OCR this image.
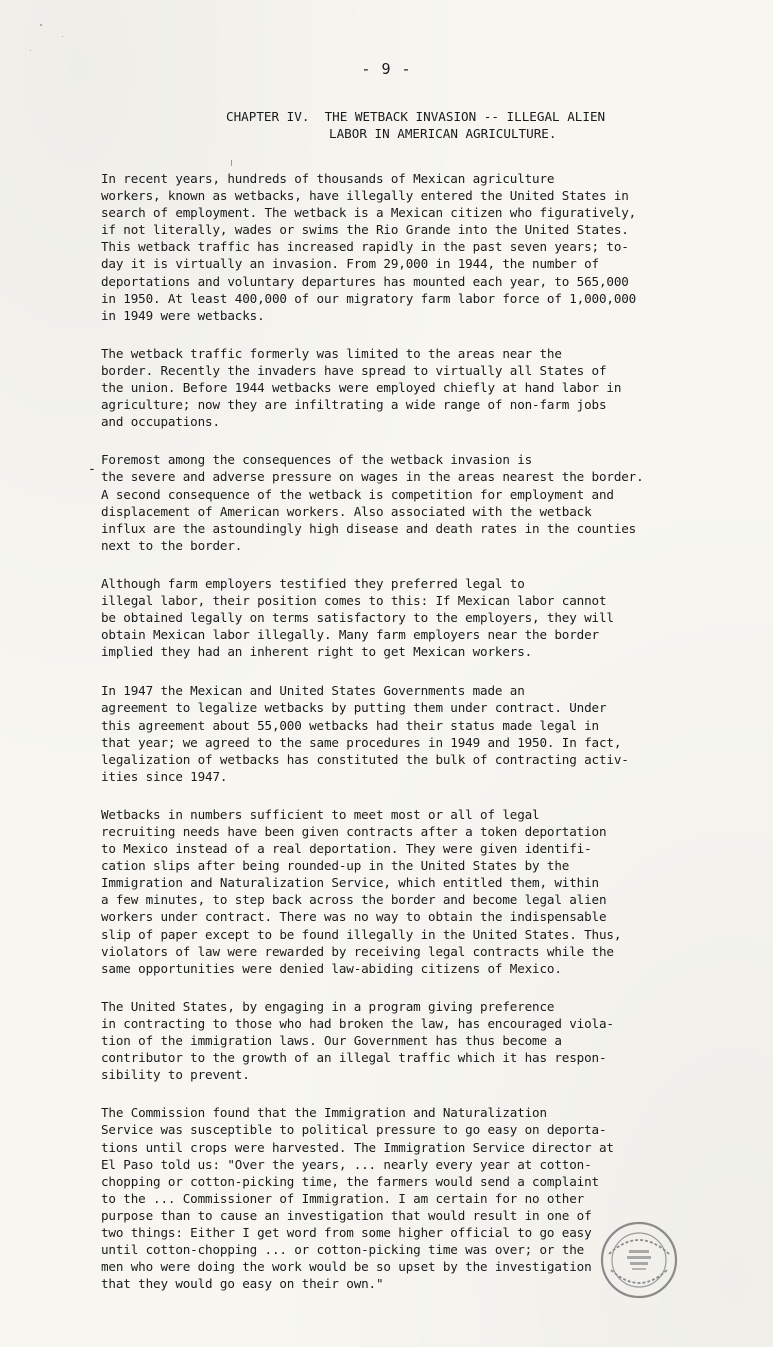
- 9 -
CHAPTER IV.  THE WETBACK INVASION -- ILLEGAL ALIEN
LABOR IN AMERICAN AGRICULTURE.
-

In recent years, hundreds of thousands of Mexican agriculture
workers, known as wetbacks, have illegally entered the United States in
search of employment. The wetback is a Mexican citizen who figuratively,
if not literally, wades or swims the Rio Grande into the United States.
This wetback traffic has increased rapidly in the past seven years; to-
day it is virtually an invasion. From 29,000 in 1944, the number of
deportations and voluntary departures has mounted each year, to 565,000
in 1950. At least 400,000 of our migratory farm labor force of 1,000,000
in 1949 were wetbacks.

The wetback traffic formerly was limited to the areas near the
border. Recently the invaders have spread to virtually all States of
the union. Before 1944 wetbacks were employed chiefly at hand labor in
agriculture; now they are infiltrating a wide range of non-farm jobs
and occupations.

Foremost among the consequences of the wetback invasion is
the severe and adverse pressure on wages in the areas nearest the border.
A second consequence of the wetback is competition for employment and
displacement of American workers. Also associated with the wetback
influx are the astoundingly high disease and death rates in the counties
next to the border.

Although farm employers testified they preferred legal to
illegal labor, their position comes to this: If Mexican labor cannot
be obtained legally on terms satisfactory to the employers, they will
obtain Mexican labor illegally. Many farm employers near the border
implied they had an inherent right to get Mexican workers.

In 1947 the Mexican and United States Governments made an
agreement to legalize wetbacks by putting them under contract. Under
this agreement about 55,000 wetbacks had their status made legal in
that year; we agreed to the same procedures in 1949 and 1950. In fact,
legalization of wetbacks has constituted the bulk of contracting activ-
ities since 1947.

Wetbacks in numbers sufficient to meet most or all of legal
recruiting needs have been given contracts after a token deportation
to Mexico instead of a real deportation. They were given identifi-
cation slips after being rounded-up in the United States by the
Immigration and Naturalization Service, which entitled them, within
a few minutes, to step back across the border and become legal alien
workers under contract. There was no way to obtain the indispensable
slip of paper except to be found illegally in the United States. Thus,
violators of law were rewarded by receiving legal contracts while the
same opportunities were denied law-abiding citizens of Mexico.

The United States, by engaging in a program giving preference
in contracting to those who had broken the law, has encouraged viola-
tion of the immigration laws. Our Government has thus become a
contributor to the growth of an illegal traffic which it has respon-
sibility to prevent.

The Commission found that the Immigration and Naturalization
Service was susceptible to political pressure to go easy on deporta-
tions until crops were harvested. The Immigration Service director at
El Paso told us: "Over the years, ... nearly every year at cotton-
chopping or cotton-picking time, the farmers would send a complaint
to the ... Commissioner of Immigration. I am certain for no other
purpose than to cause an investigation that would result in one of
two things: Either I get word from some higher official to go easy
until cotton-chopping ... or cotton-picking time was over; or the
men who were doing the work would be so upset by the investigation
that they would go easy on their own."
